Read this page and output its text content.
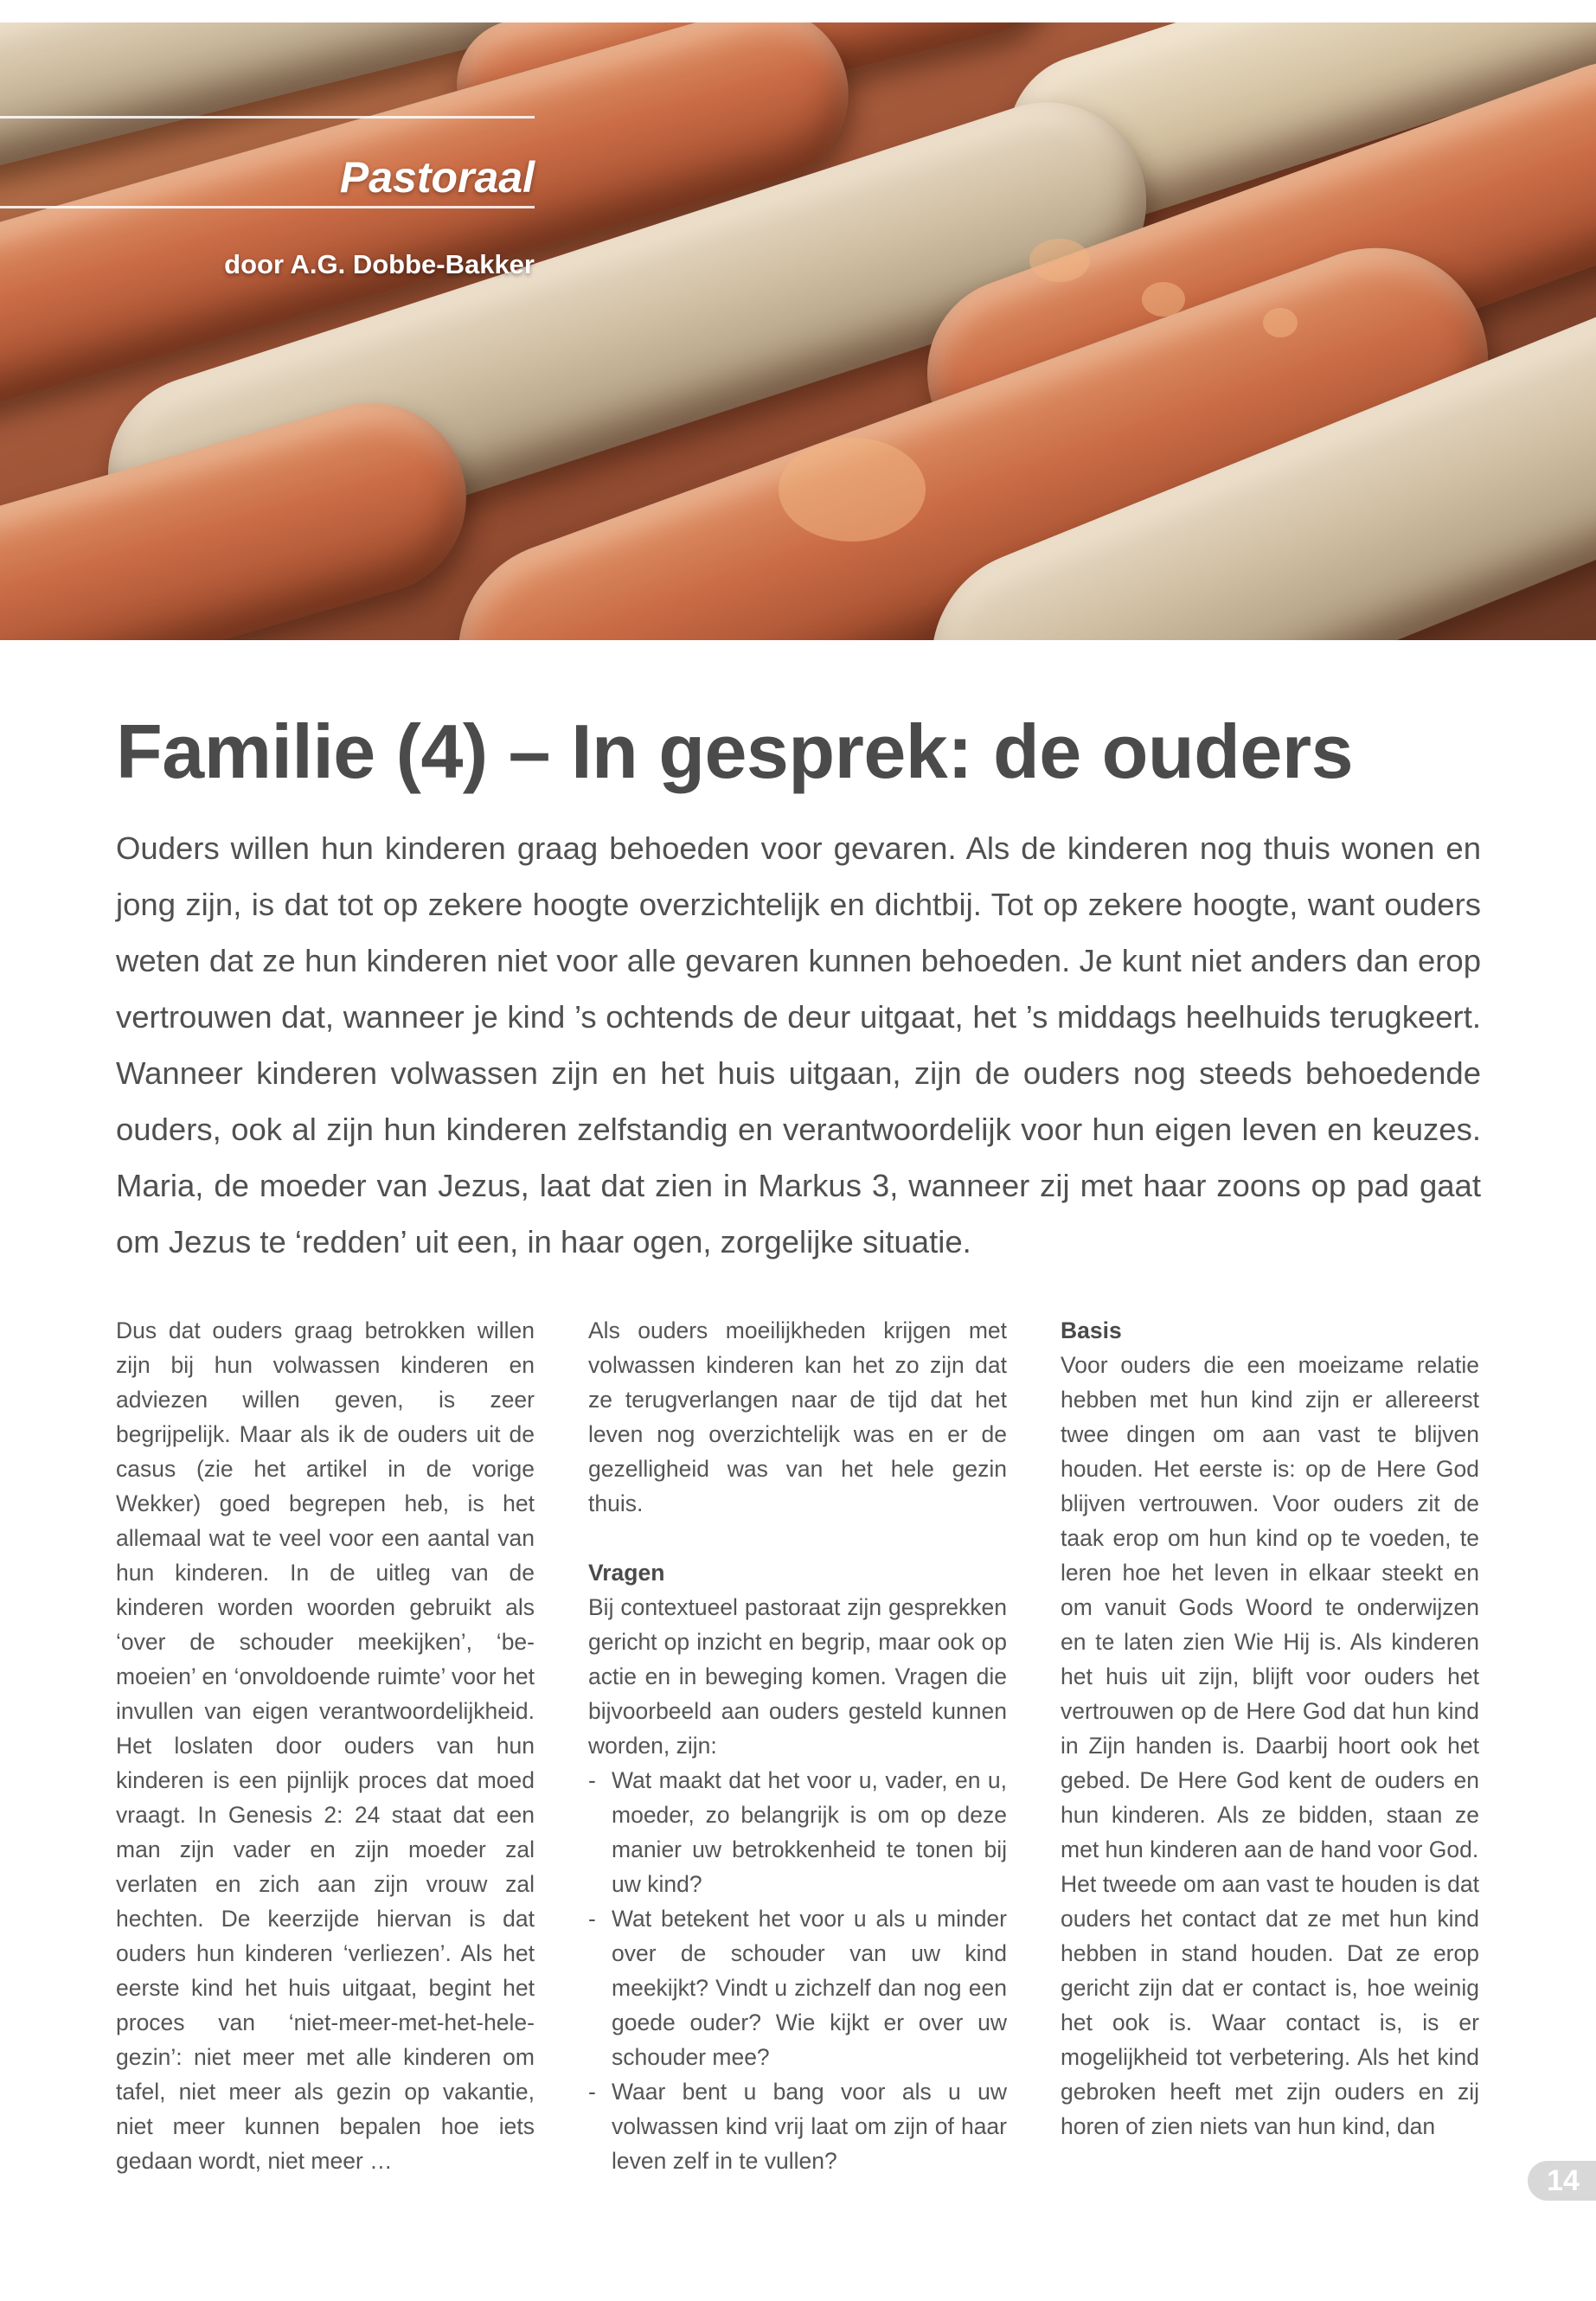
Pastoraal
door A.G. Dobbe-Bakker
Familie (4) – In gesprek: de ouders

Ouders willen hun kinderen graag behoeden voor gevaren. Als de kinderen nog thuis wonen en jong zijn, is dat tot op zekere hoogte overzichtelijk en dichtbij. Tot op zekere hoogte, want ouders weten dat ze hun kinderen niet voor alle gevaren kunnen behoeden. Je kunt niet anders dan erop vertrouwen dat, wanneer je kind ’s ochtends de deur uitgaat, het ’s middags heelhuids terugkeert. Wanneer kinderen volwassen zijn en het huis uitgaan, zijn de ouders nog steeds behoedende ouders, ook al zijn hun kinderen zelfstandig en verantwoordelijk voor hun eigen leven en keuzes. Maria, de moeder van Jezus, laat dat zien in Markus 3, wanneer zij met haar zoons op pad gaat om Jezus te ‘redden’ uit een, in haar ogen, zorgelijke situatie.

Dus dat ouders graag betrokken willen zijn bij hun volwassen kinderen en adviezen willen geven, is zeer begrijpelijk. Maar als ik de ouders uit de casus (zie het artikel in de vorige Wekker) goed begrepen heb, is het allemaal wat te veel voor een aantal van hun kinderen. In de uitleg van de kinderen worden woorden gebruikt als ‘over de schouder meekijken’, ‘bemoeien’ en ‘onvoldoende ruimte’ voor het invullen van eigen verantwoordelijkheid. Het loslaten door ouders van hun kinderen is een pijnlijk proces dat moed vraagt. In Genesis 2: 24 staat dat een man zijn vader en zijn moeder zal verlaten en zich aan zijn vrouw zal hechten. De keerzijde hiervan is dat ouders hun kinderen ‘verliezen’. Als het eerste kind het huis uitgaat, begint het proces van ‘niet-meer-met-het-hele-gezin’: niet meer met alle kinderen om tafel, niet meer als gezin op vakantie, niet meer kunnen bepalen hoe iets gedaan wordt, niet meer …

Als ouders moeilijkheden krijgen met volwassen kinderen kan het zo zijn dat ze terugverlangen naar de tijd dat het leven nog overzichtelijk was en er de gezelligheid was van het hele gezin thuis.

Vragen

Bij contextueel pastoraat zijn gesprekken gericht op inzicht en begrip, maar ook op actie en in beweging komen. Vragen die bijvoorbeeld aan ouders gesteld kunnen worden, zijn:

- Wat maakt dat het voor u, vader, en u, moeder, zo belangrijk is om op deze manier uw betrokkenheid te tonen bij uw kind?
- Wat betekent het voor u als u minder over de schouder van uw kind meekijkt? Vindt u zichzelf dan nog een goede ouder? Wie kijkt er over uw schouder mee?
- Waar bent u bang voor als u uw volwassen kind vrij laat om zijn of haar leven zelf in te vullen?

Basis

Voor ouders die een moeizame relatie hebben met hun kind zijn er allereerst twee dingen om aan vast te blijven houden. Het eerste is: op de Here God blijven vertrouwen. Voor ouders zit de taak erop om hun kind op te voeden, te leren hoe het leven in elkaar steekt en om vanuit Gods Woord te onderwijzen en te laten zien Wie Hij is. Als kinderen het huis uit zijn, blijft voor ouders het vertrouwen op de Here God dat hun kind in Zijn handen is. Daarbij hoort ook het gebed. De Here God kent de ouders en hun kinderen. Als ze bidden, staan ze met hun kinderen aan de hand voor God.

Het tweede om aan vast te houden is dat ouders het contact dat ze met hun kind hebben in stand houden. Dat ze erop gericht zijn dat er contact is, hoe weinig het ook is. Waar contact is, is er mogelijkheid tot verbetering. Als het kind gebroken heeft met zijn ouders en zij horen of zien niets van hun kind, dan

14
